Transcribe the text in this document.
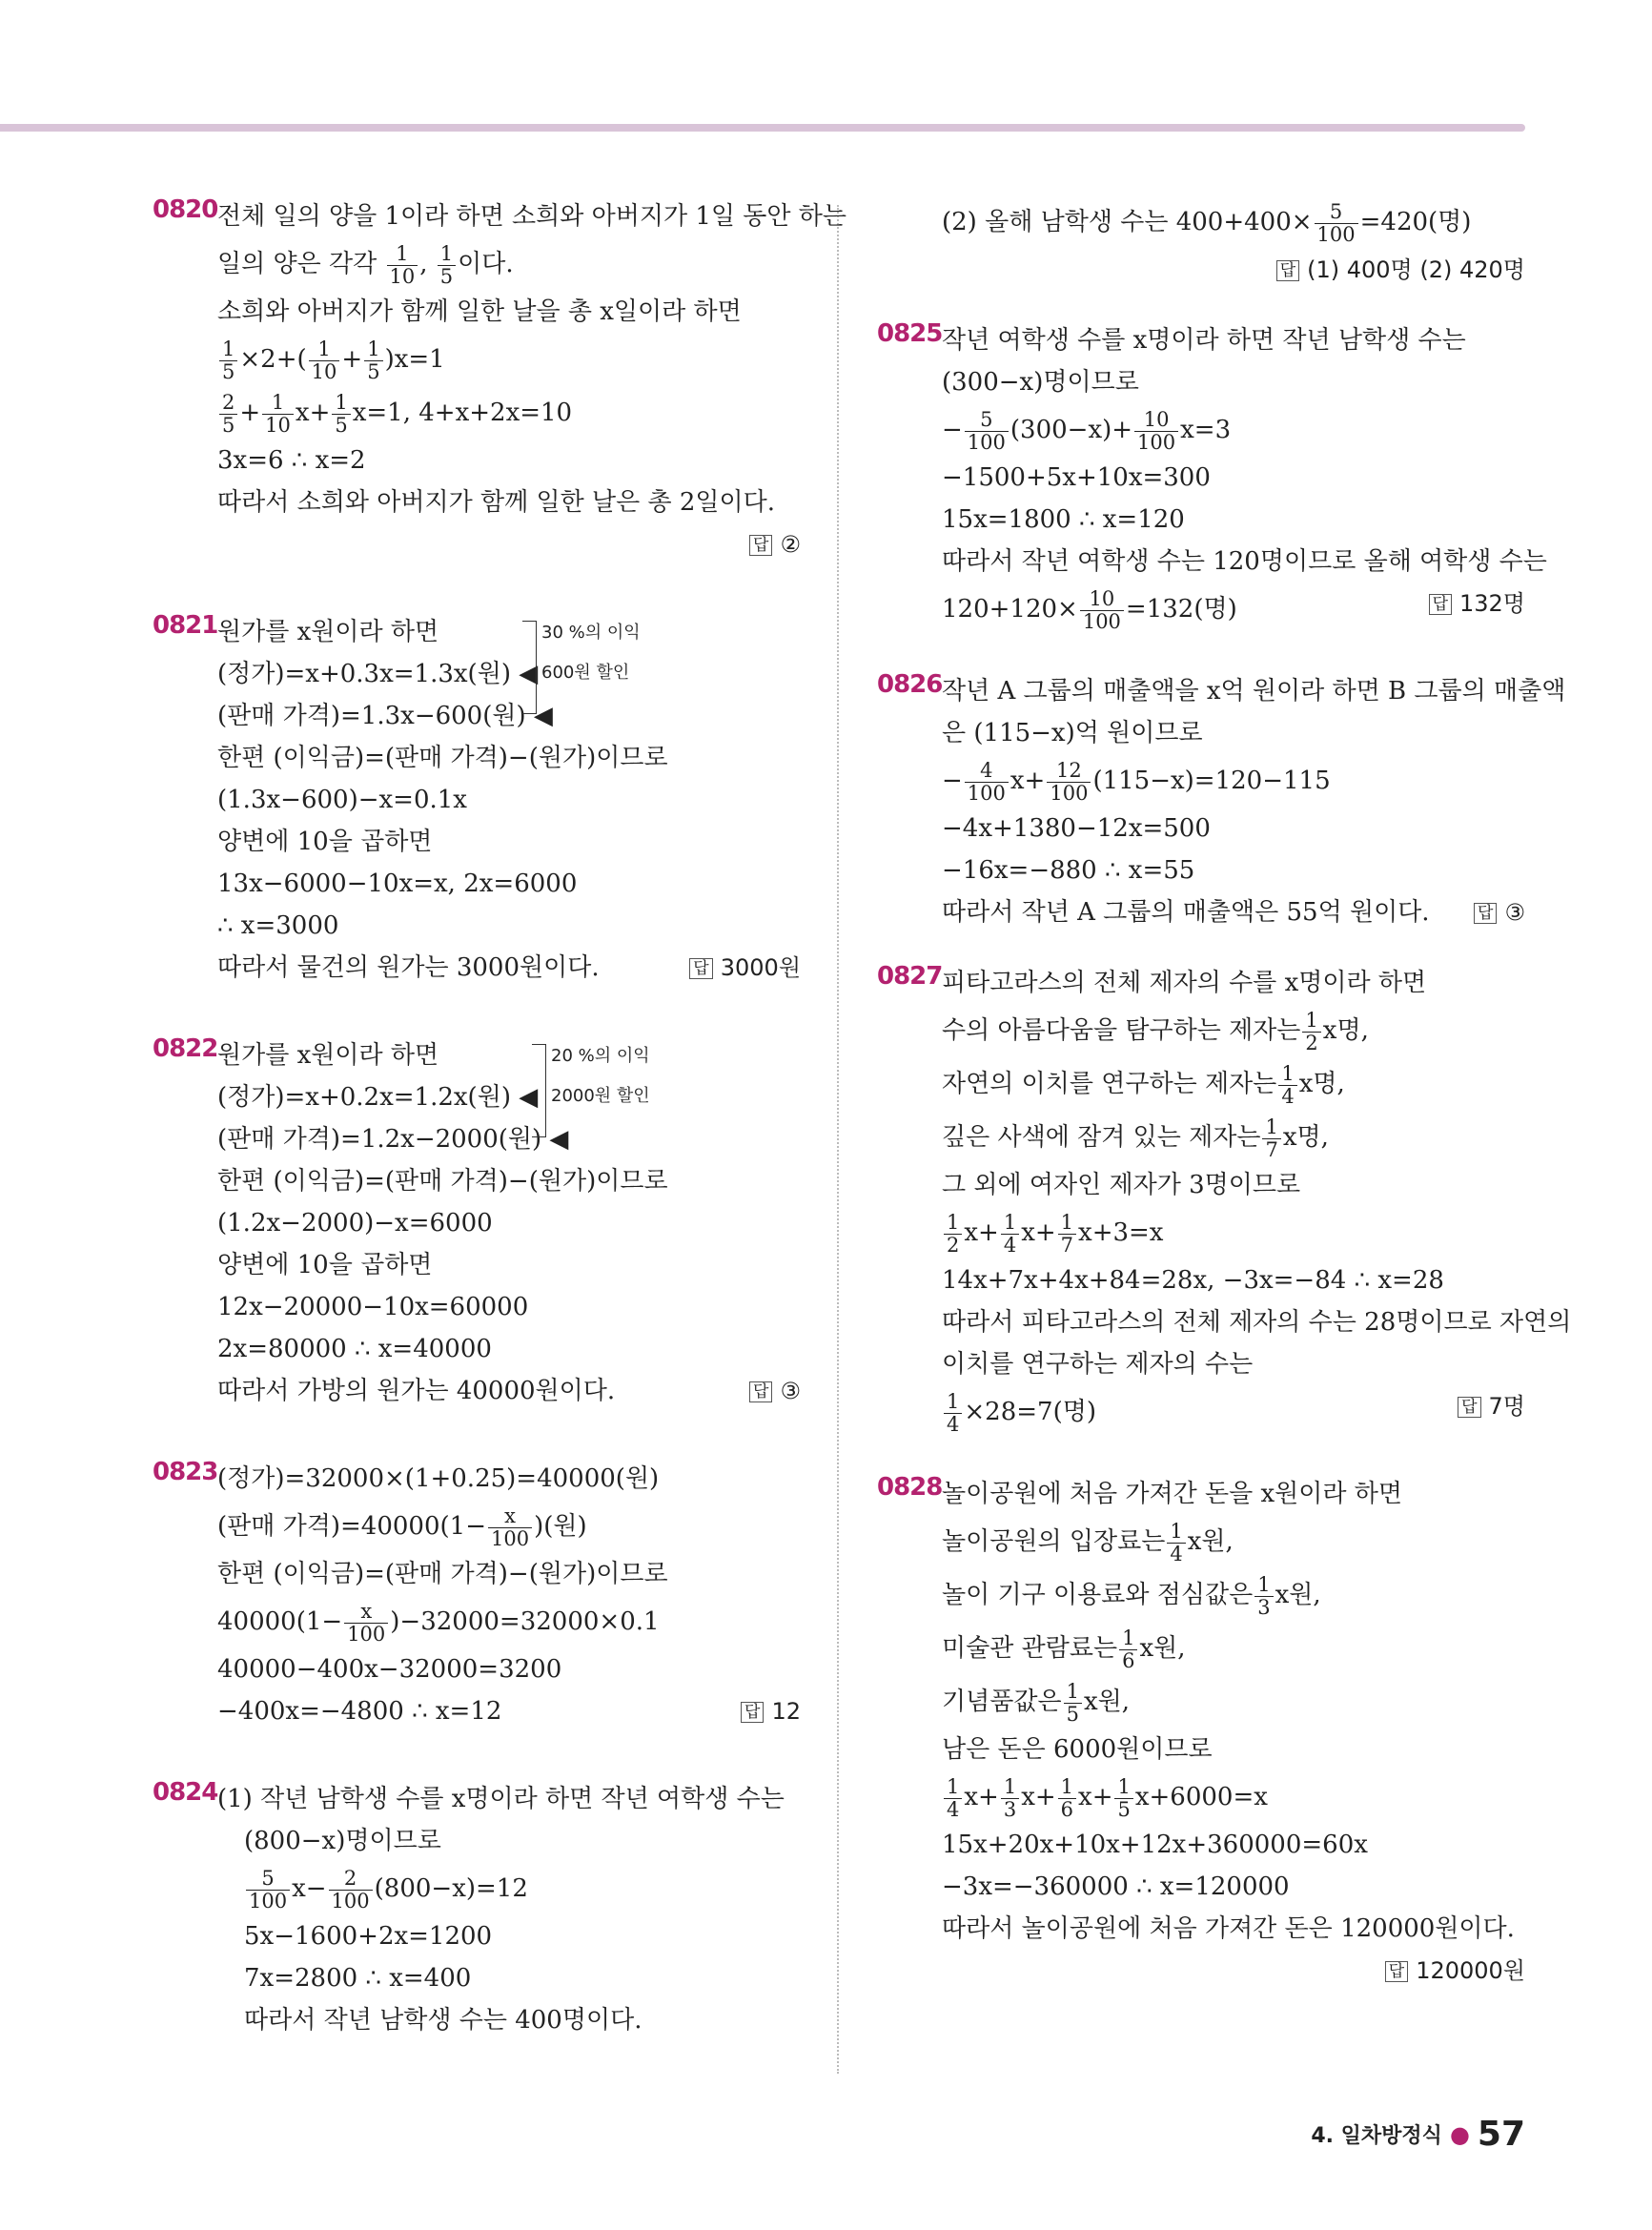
0820 전체 일의 양을 1이라 하면 소희와 아버지가 1일 동안 하는
일의 양은 각각 $\frac{1}{10}$ , $\frac{1}{5}$ 이다.
소희와 아버지가 함께 일한 날을 총 x일이라 하면
$\frac{1}{5} \times 2+( \frac{1}{10} + \frac{1}{5} )x=1$
$\frac{2}{5} + \frac{1}{10} x+ \frac{1}{5} x=1$, 4+x+2x=10
3x=6 ∴ x=2
따라서 소희와 아버지가 함께 일한 날은 총 2일이다.
답 ②
0821 원가를 x원이라 하면
(정가)=x+0.3x=1.3x(원) ◀
(판매 가격)=1.3x−600(원) ◀
30 %의 이익
600원 할인
한편 (이익금)=(판매 가격)−(원가)이므로
(1.3x−600)−x=0.1x
양변에 10을 곱하면
13x−6000−10x=x, 2x=6000
∴ x=3000
따라서 물건의 원가는 3000원이다.	답 3000원
0822 원가를 x원이라 하면
(정가)=x+0.2x=1.2x(원) ◀
(판매 가격)=1.2x−2000(원) ◀
20 %의 이익
2000원 할인
한편 (이익금)=(판매 가격)−(원가)이므로
(1.2x−2000)−x=6000
양변에 10을 곱하면
12x−20000−10x=60000
2x=80000 ∴ x=40000
따라서 가방의 원가는 40000원이다.	답 ③
0823 (정가)=32000×(1+0.25)=40000(원)
(판매 가격)$=40000(1- \frac{x}{100}$ )(원)
한편 (이익금)=(판매 가격)−(원가)이므로
$40000(1- \frac{x}{100} )-32000=32000\times 0.1$
40000−400x−32000=3200
−400x=−4800 ∴ x=12	답 12
0824 (1) 작년 남학생 수를 x명이라 하면 작년 여학생 수는
(800−x)명이므로
$\frac{5}{100} x- \frac{2}{100} (800-x)=12$
5x−1600+2x=1200
7x=2800 ∴ x=400
따라서 작년 남학생 수는 400명이다.
(2) 올해 남학생 수는 $400+400\times \frac{5}{100} =420$(명)
답 (1) 400명 (2) 420명
0825 작년 여학생 수를 x명이라 하면 작년 남학생 수는
(300−x)명이므로
− $\frac{5}{100} (300-x)+ \frac{10}{100} x=3$
−1500+5x+10x=300
15x=1800 ∴ x=120
따라서 작년 여학생 수는 120명이므로 올해 여학생 수는
$120+120\times \frac{10}{100} =132$(명)	답 132명
0826 작년 A 그룹의 매출액을 x억 원이라 하면 B 그룹의 매출액
은 (115−x)억 원이므로
− $\frac{4}{100} x+ \frac{12}{100} (115-x)=120-115$
−4x+1380−12x=500
−16x=−880 ∴ x=55
따라서 작년 A 그룹의 매출액은 55억 원이다.	답 ③
0827 피타고라스의 전체 제자의 수를 x명이라 하면
수의 아름다움을 탐구하는 제자는 $\frac{1}{2}$ x명,
자연의 이치를 연구하는 제자는 $\frac{1}{4}$ x명,
깊은 사색에 잠겨 있는 제자는 $\frac{1}{7}$ x명,
그 외에 여자인 제자가 3명이므로
$\frac{1}{2} x+ \frac{1}{4} x+ \frac{1}{7} x+3=x$
14x+7x+4x+84=28x, −3x=−84 ∴ x=28
따라서 피타고라스의 전체 제자의 수는 28명이므로 자연의
이치를 연구하는 제자의 수는
$\frac{1}{4} \times 28=7$(명)	답 7명
0828 놀이공원에 처음 가져간 돈을 x원이라 하면
놀이공원의 입장료는 $\frac{1}{4}$ x원,
놀이 기구 이용료와 점심값은 $\frac{1}{3}$ x원,
미술관 관람료는 $\frac{1}{6}$ x원,
기념품값은 $\frac{1}{5}$ x원,
남은 돈은 6000원이므로
$\frac{1}{4} x+ \frac{1}{3} x+ \frac{1}{6} x+ \frac{1}{5} x+6000=x$
15x+20x+10x+12x+360000=60x
−3x=−360000 ∴ x=120000
따라서 놀이공원에 처음 가져간 돈은 120000원이다.
답 120000원
4. 일차방정식 ● 57
